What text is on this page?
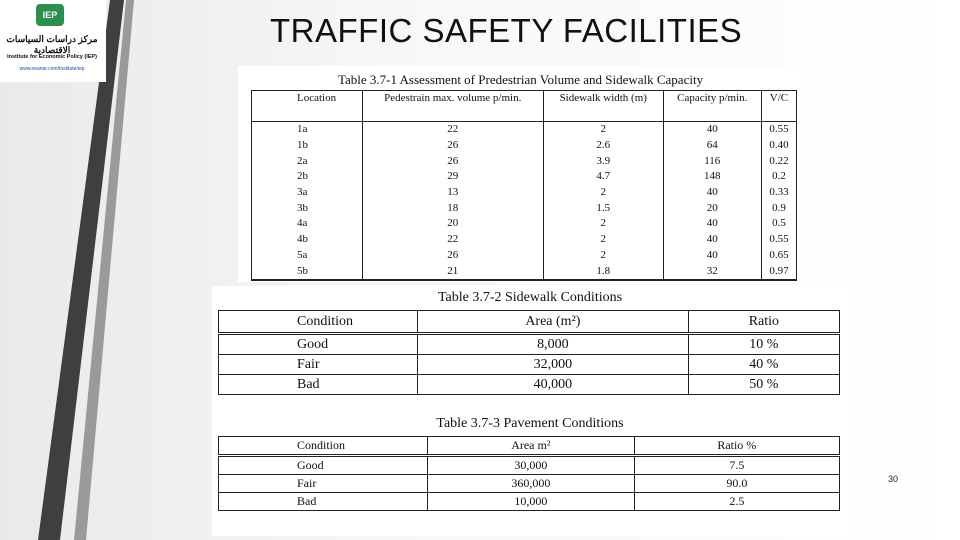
IEP
مركز دراسات السياسات الاقتصادية
Institute for Economic Policy (IEP)
www.eeanar.com/Institute/iep
TRAFFIC SAFETY FACILITIES
Table 3.7-1 Assessment of Predestrian Volume and Sidewalk Capacity
Location	Pedestrain max. volume p/min.	Sidewalk width (m)	Capacity p/min.	V/C
1a	22	2	40	0.55
1b	26	2.6	64	0.40
2a	26	3.9	116	0.22
2b	29	4.7	148	0.2
3a	13	2	40	0.33
3b	18	1.5	20	0.9
4a	20	2	40	0.5
4b	22	2	40	0.55
5a	26	2	40	0.65
5b	21	1.8	32	0.97
Table 3.7-2 Sidewalk Conditions
Condition	Area (m²)	Ratio
Good	8,000	10 %
Fair	32,000	40 %
Bad	40,000	50 %
Table 3.7-3 Pavement Conditions
Condition	Area m²	Ratio %
Good	30,000	7.5
Fair	360,000	90.0
Bad	10,000	2.5
30
